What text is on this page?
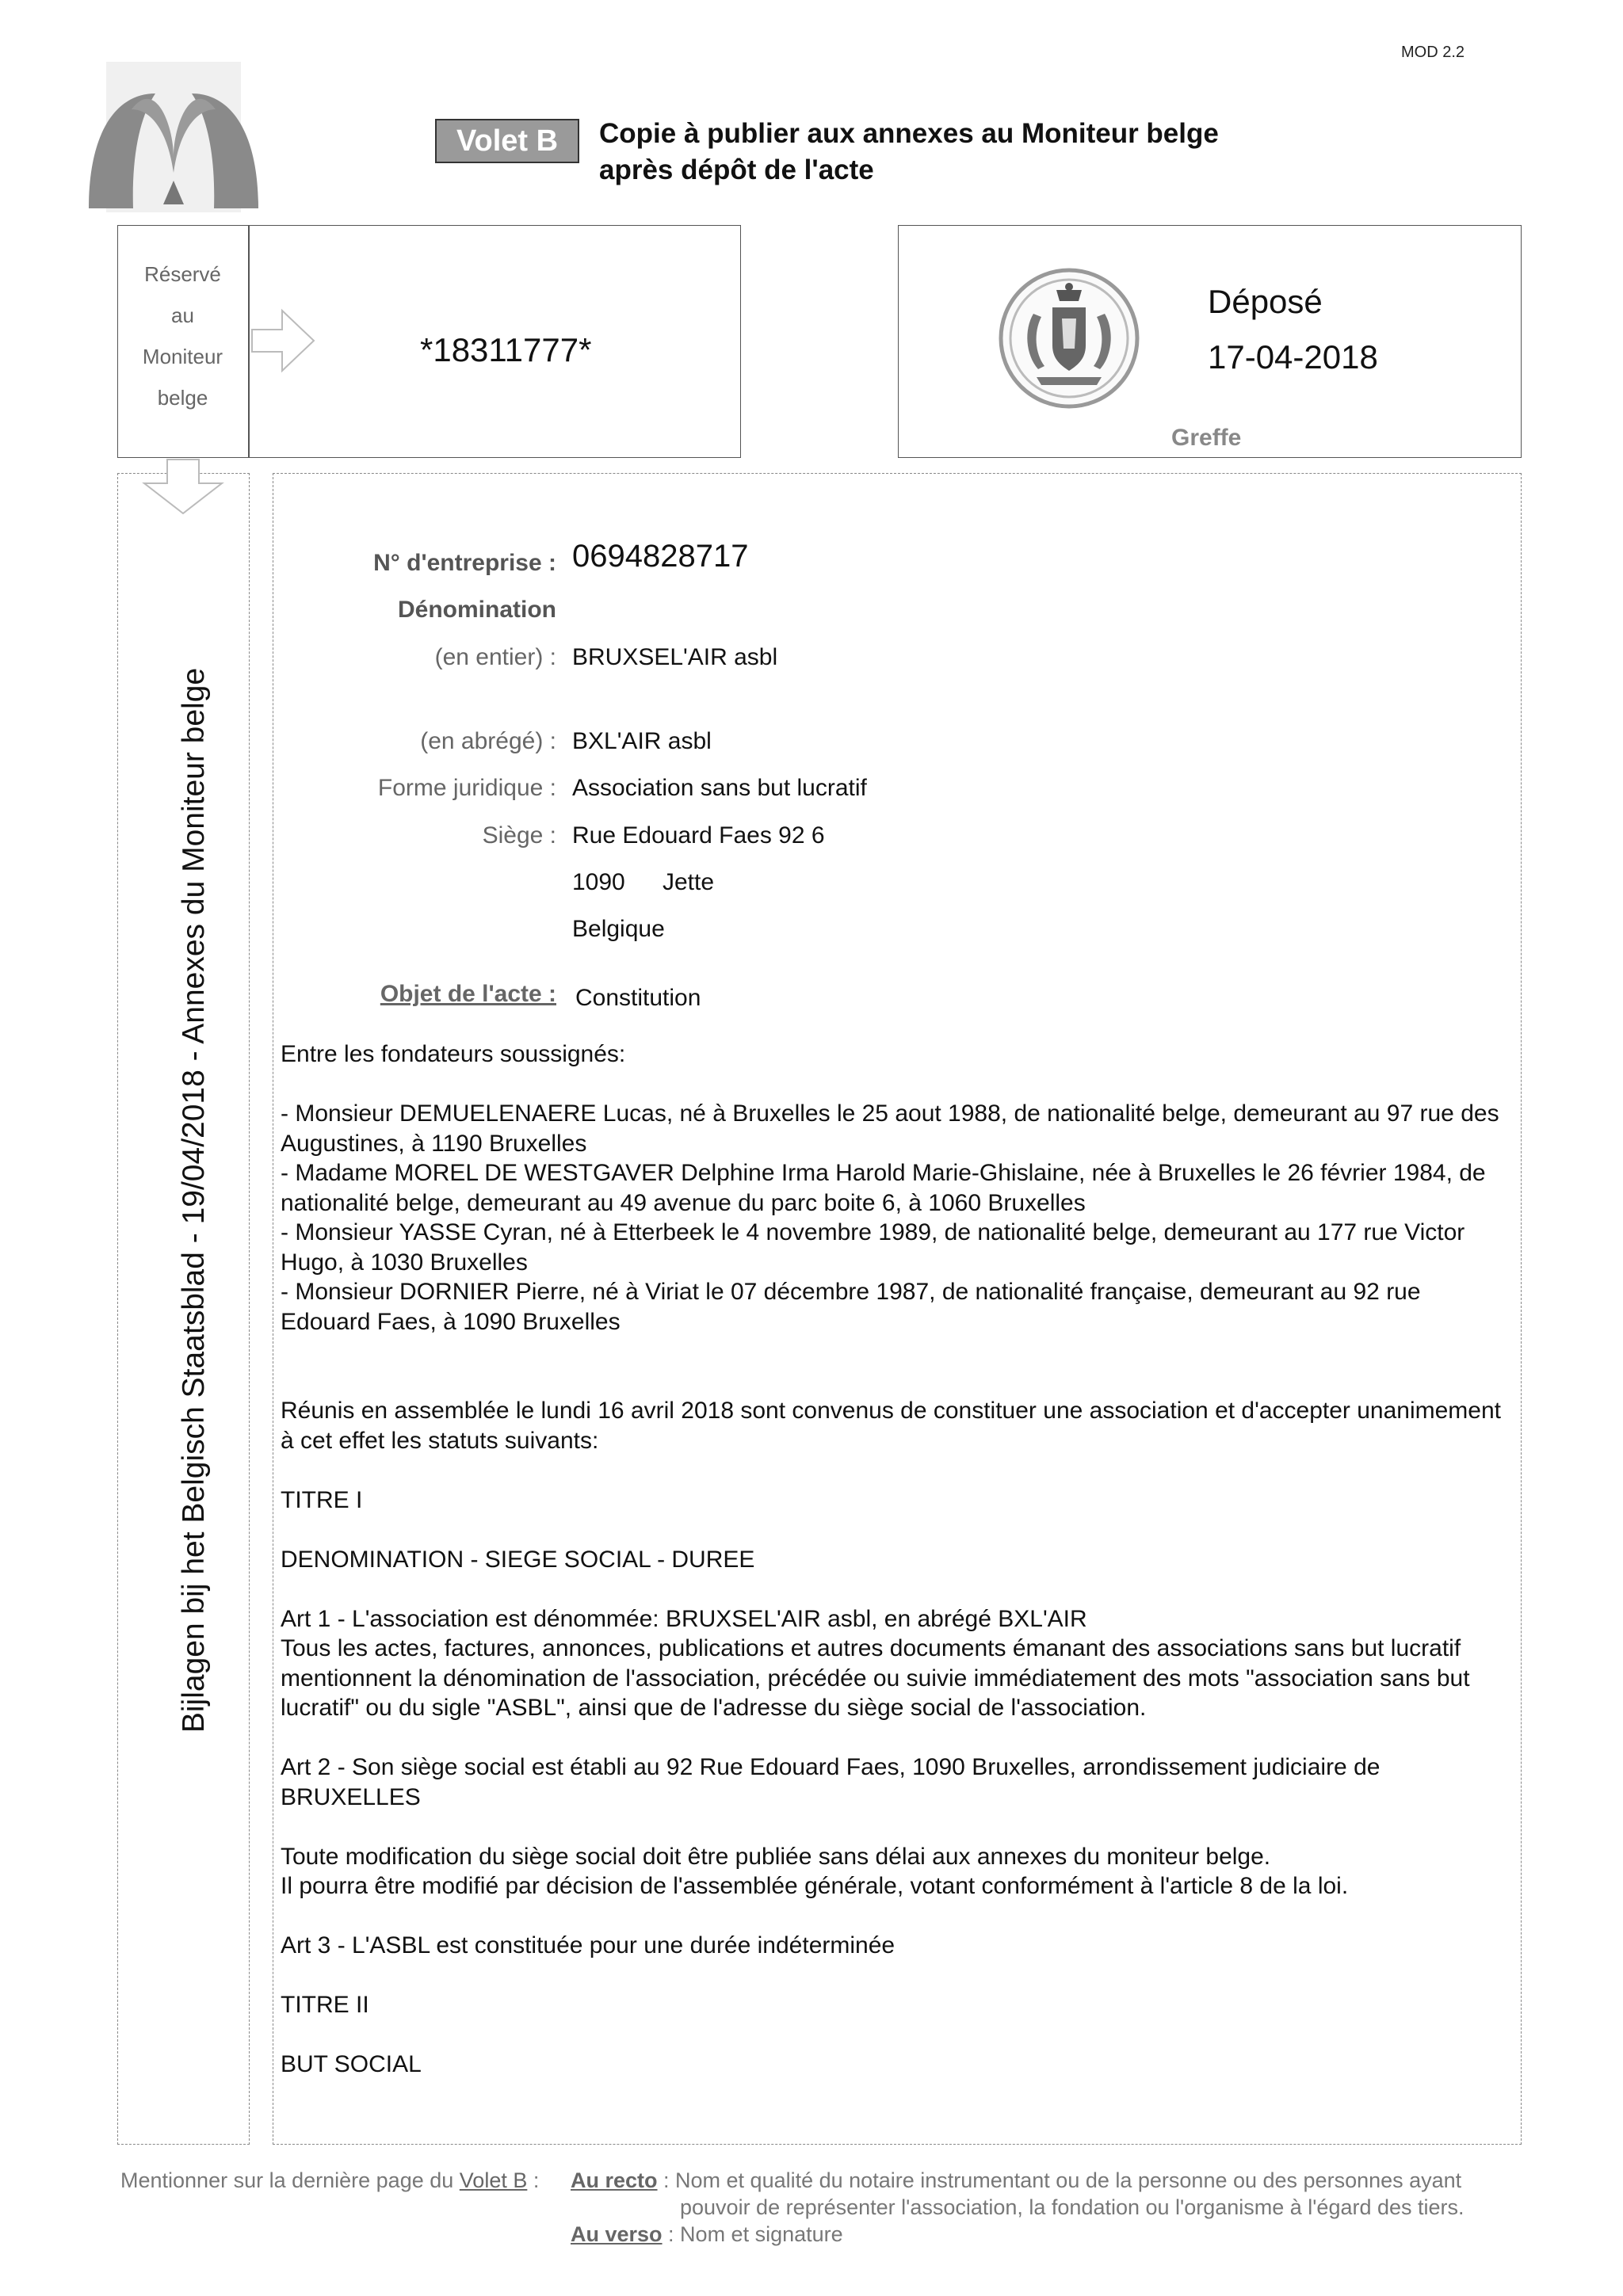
MOD 2.2
Volet B	Copie à publier aux annexes au Moniteur belge
après dépôt de l'acte
Réservé
au
Moniteur
belge
*18311777*
Déposé
17-04-2018
Greffe
Bijlagen bij het Belgisch Staatsblad - 19/04/2018 - Annexes du Moniteur belge
N° d'entreprise : 0694828717
Dénomination
(en entier) : BRUXSEL'AIR asbl
(en abrégé) : BXL'AIR asbl
Forme juridique : Association sans but lucratif
Siège : Rue Edouard Faes 92 6
1090 Jette
Belgique
Objet de l'acte : Constitution

Entre les fondateurs soussignés:

- Monsieur DEMUELENAERE Lucas, né à Bruxelles le 25 aout 1988, de nationalité belge, demeurant au 97 rue des Augustines, à 1190 Bruxelles

- Madame MOREL DE WESTGAVER Delphine Irma Harold Marie-Ghislaine, née à Bruxelles le 26 février 1984, de nationalité belge, demeurant au 49 avenue du parc boite 6, à 1060 Bruxelles

- Monsieur YASSE Cyran, né à Etterbeek le 4 novembre 1989, de nationalité belge, demeurant au 177 rue Victor Hugo, à 1030 Bruxelles

- Monsieur DORNIER Pierre, né à Viriat le 07 décembre 1987, de nationalité française, demeurant au 92 rue Edouard Faes, à 1090 Bruxelles

Réunis en assemblée le lundi 16 avril 2018 sont convenus de constituer une association et d'accepter unanimement à cet effet les statuts suivants:

TITRE I

DENOMINATION - SIEGE SOCIAL - DUREE

Art 1 - L'association est dénommée: BRUXSEL'AIR asbl, en abrégé BXL'AIR

Tous les actes, factures, annonces, publications et autres documents émanant des associations sans but lucratif mentionnent la dénomination de l'association, précédée ou suivie immédiatement des mots "association sans but lucratif" ou du sigle "ASBL", ainsi que de l'adresse du siège social de l'association.

Art 2 - Son siège social est établi au 92 Rue Edouard Faes, 1090 Bruxelles, arrondissement judiciaire de BRUXELLES

Toute modification du siège social doit être publiée sans délai aux annexes du moniteur belge.

Il pourra être modifié par décision de l'assemblée générale, votant conformément à l'article 8 de la loi.

Art 3 - L'ASBL est constituée pour une durée indéterminée

TITRE II

BUT SOCIAL

Mentionner sur la dernière page du Volet B : Au recto : Nom et qualité du notaire instrumentant ou de la personne ou des personnes ayant
pouvoir de représenter l'association, la fondation ou l'organisme à l'égard des tiers.
Au verso : Nom et signature
